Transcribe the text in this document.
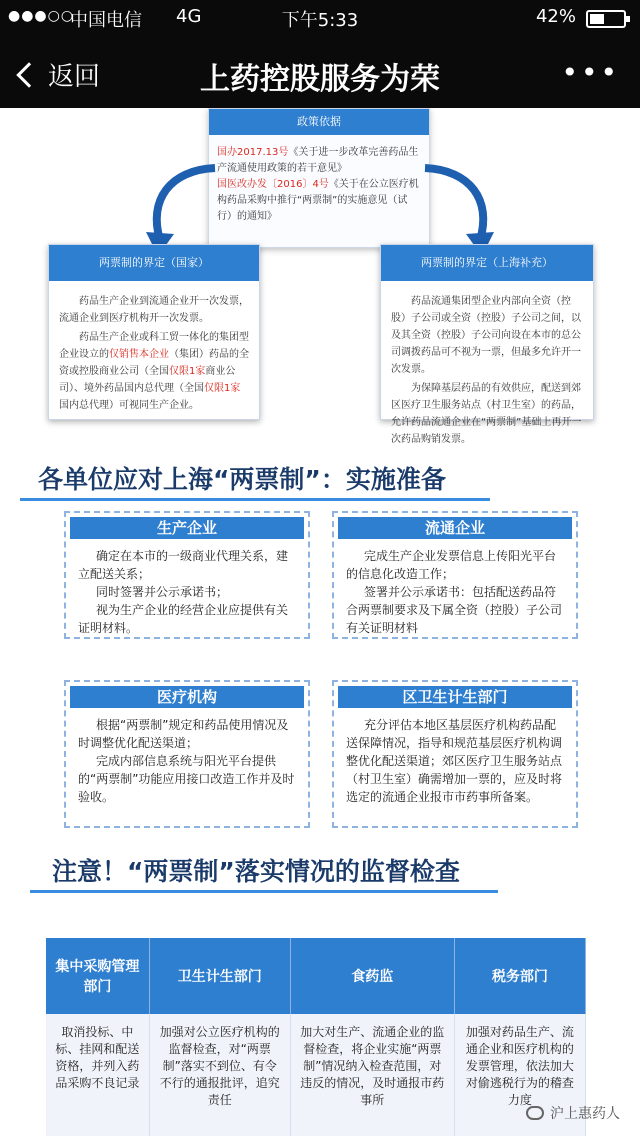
●●●○○
中国电信 4G	下午5:33	42%
返回	上药控股服务为荣	•••
政策依据
国办2017.13号《关于进一步改革完善药品生产流通使用政策的若干意见》
国医改办发〔2016〕4号《关于在公立医疗机构药品采购中推行“两票制”的实施意见（试行）的通知》
两票制的界定（国家）

药品生产企业到流通企业开一次发票，流通企业到医疗机构开一次发票。

药品生产企业或科工贸一体化的集团型企业设立的仅销售本企业（集团）药品的全资或控股商业公司（全国仅限1家商业公司）、境外药品国内总代理（全国仅限1家国内总代理）可视同生产企业。

两票制的界定（上海补充）

药品流通集团型企业内部向全资（控股）子公司或全资（控股）子公司之间，以及其全资（控股）子公司向设在本市的总公司调拨药品可不视为一票，但最多允许开一次发票。

为保障基层药品的有效供应，配送到郊区医疗卫生服务站点（村卫生室）的药品，允许药品流通企业在“两票制”基础上再开一次药品购销发票。

各单位应对上海“两票制”：实施准备
生产企业

确定在本市的一级商业代理关系，建立配送关系；

同时签署并公示承诺书；

视为生产企业的经营企业应提供有关证明材料。

流通企业

完成生产企业发票信息上传阳光平台的信息化改造工作；

签署并公示承诺书：包括配送药品符合两票制要求及下属全资（控股）子公司有关证明材料

医疗机构

根据“两票制”规定和药品使用情况及时调整优化配送渠道；

完成内部信息系统与阳光平台提供的“两票制”功能应用接口改造工作并及时验收。

区卫生计生部门

充分评估本地区基层医疗机构药品配送保障情况，指导和规范基层医疗机构调整优化配送渠道；郊区医疗卫生服务站点（村卫生室）确需增加一票的，应及时将选定的流通企业报市市药事所备案。

注意！“两票制”落实情况的监督检查
集中采购管理部门	卫生计生部门	食药监	税务部门
取消投标、中标、挂网和配送资格，并列入药品采购不良记录	加强对公立医疗机构的监督检查，对“两票制”落实不到位、有令不行的通报批评，追究责任	加大对生产、流通企业的监督检查，将企业实施“两票制”情况纳入检查范围，对违反的情况，及时通报市药事所	加强对药品生产、流通企业和医疗机构的发票管理，依法加大对偷逃税行为的稽查力度
沪上惠药人
